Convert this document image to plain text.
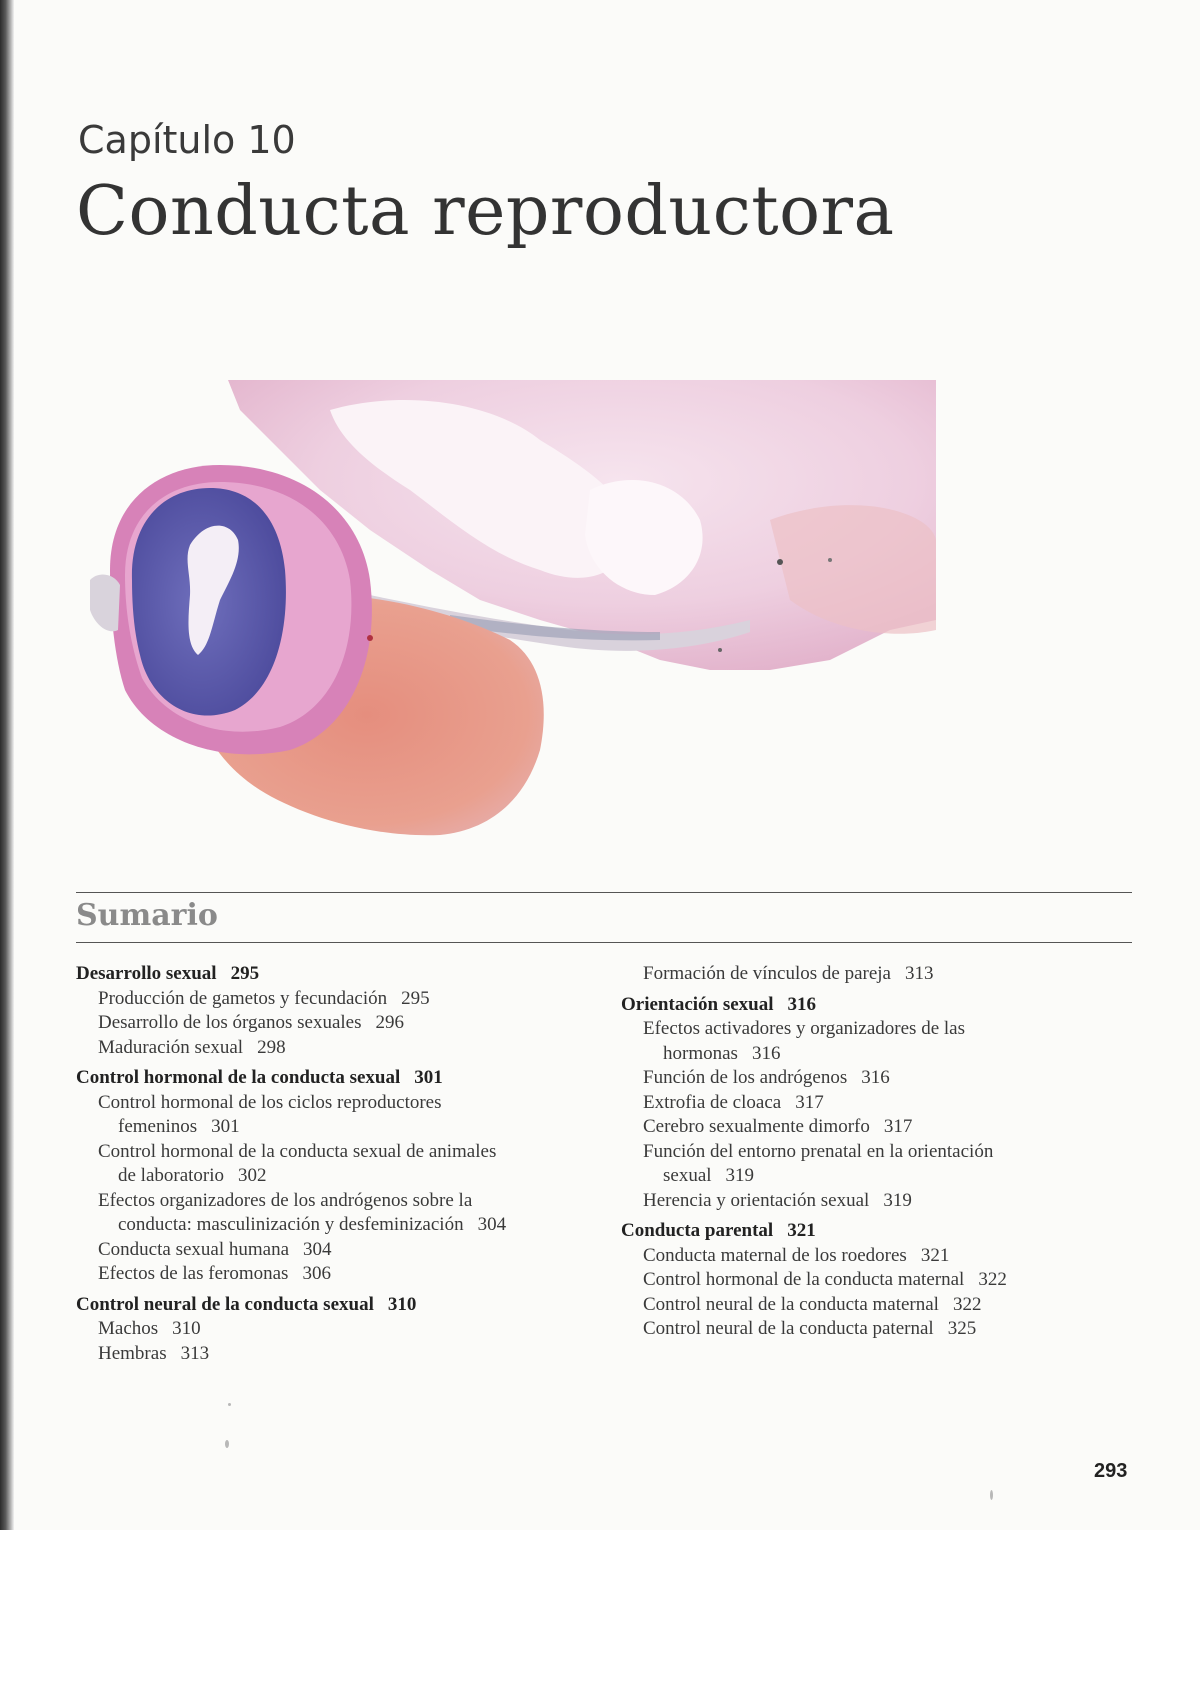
Capítulo 10
Conducta reproductora
Sumario
Desarrollo sexual 295
Producción de gametos y fecundación 295
Desarrollo de los órganos sexuales 296
Maduración sexual 298
Control hormonal de la conducta sexual 301
Control hormonal de los ciclos reproductores
femeninos 301
Control hormonal de la conducta sexual de animales
de laboratorio 302
Efectos organizadores de los andrógenos sobre la
conducta: masculinización y desfeminización 304
Conducta sexual humana 304
Efectos de las feromonas 306
Control neural de la conducta sexual 310
Machos 310
Hembras 313
Formación de vínculos de pareja 313
Orientación sexual 316
Efectos activadores y organizadores de las
hormonas 316
Función de los andrógenos 316
Extrofia de cloaca 317
Cerebro sexualmente dimorfo 317
Función del entorno prenatal en la orientación
sexual 319
Herencia y orientación sexual 319
Conducta parental 321
Conducta maternal de los roedores 321
Control hormonal de la conducta maternal 322
Control neural de la conducta maternal 322
Control neural de la conducta paternal 325
293
